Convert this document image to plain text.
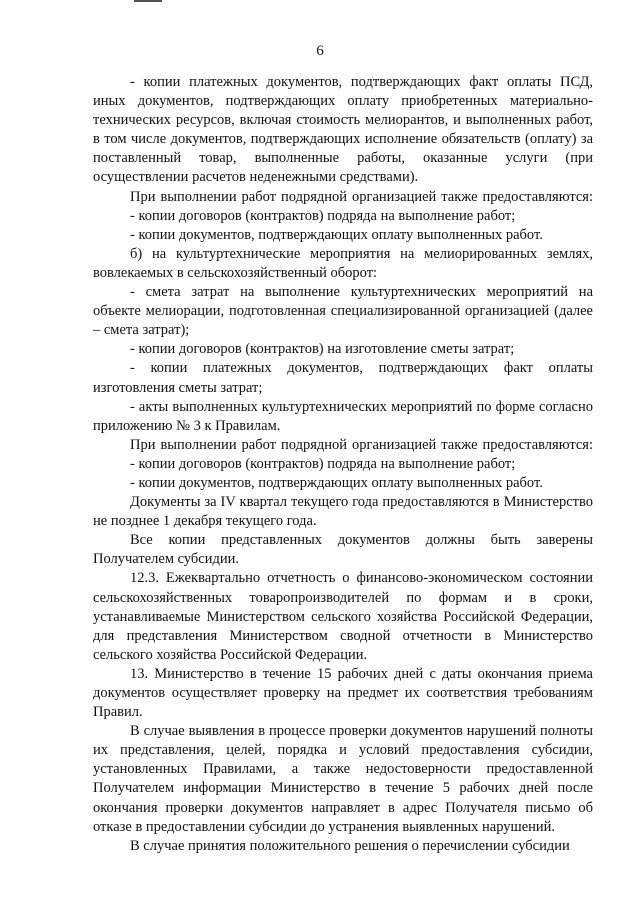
6

- копии платежных документов, подтверждающих факт оплаты ПСД, иных документов, подтверждающих оплату приобретенных материально-технических ресурсов, включая стоимость мелиорантов, и выполненных работ, в том числе документов, подтверждающих исполнение обязательств (оплату) за поставленный товар, выполненные работы, оказанные услуги (при осуществлении расчетов неденежными средствами).

При выполнении работ подрядной организацией также предоставляются:

- копии договоров (контрактов) подряда на выполнение работ;

- копии документов, подтверждающих оплату выполненных работ.

б) на культуртехнические мероприятия на мелиорированных землях, вовлекаемых в сельскохозяйственный оборот:

- смета затрат на выполнение культуртехнических мероприятий на объекте мелиорации, подготовленная специализированной организацией (далее – смета затрат);

- копии договоров (контрактов) на изготовление сметы затрат;

- копии платежных документов, подтверждающих факт оплаты изготовления сметы затрат;

- акты выполненных культуртехнических мероприятий по форме согласно приложению № 3 к Правилам.

При выполнении работ подрядной организацией также предоставляются:

- копии договоров (контрактов) подряда на выполнение работ;

- копии документов, подтверждающих оплату выполненных работ.

Документы за IV квартал текущего года предоставляются в Министерство не позднее 1 декабря текущего года.

Все копии представленных документов должны быть заверены Получателем субсидии.

12.3. Ежеквартально отчетность о финансово-экономическом состоянии сельскохозяйственных товаропроизводителей по формам и в сроки, устанавливаемые Министерством сельского хозяйства Российской Федерации, для представления Министерством сводной отчетности в Министерство сельского хозяйства Российской Федерации.

13. Министерство в течение 15 рабочих дней с даты окончания приема документов осуществляет проверку на предмет их соответствия требованиям Правил.

В случае выявления в процессе проверки документов нарушений полноты их представления, целей, порядка и условий предоставления субсидии, установленных Правилами, а также недостоверности предоставленной Получателем информации Министерство в течение 5 рабочих дней после окончания проверки документов направляет в адрес Получателя письмо об отказе в предоставлении субсидии до устранения выявленных нарушений.

В случае принятия положительного решения о перечислении субсидии
